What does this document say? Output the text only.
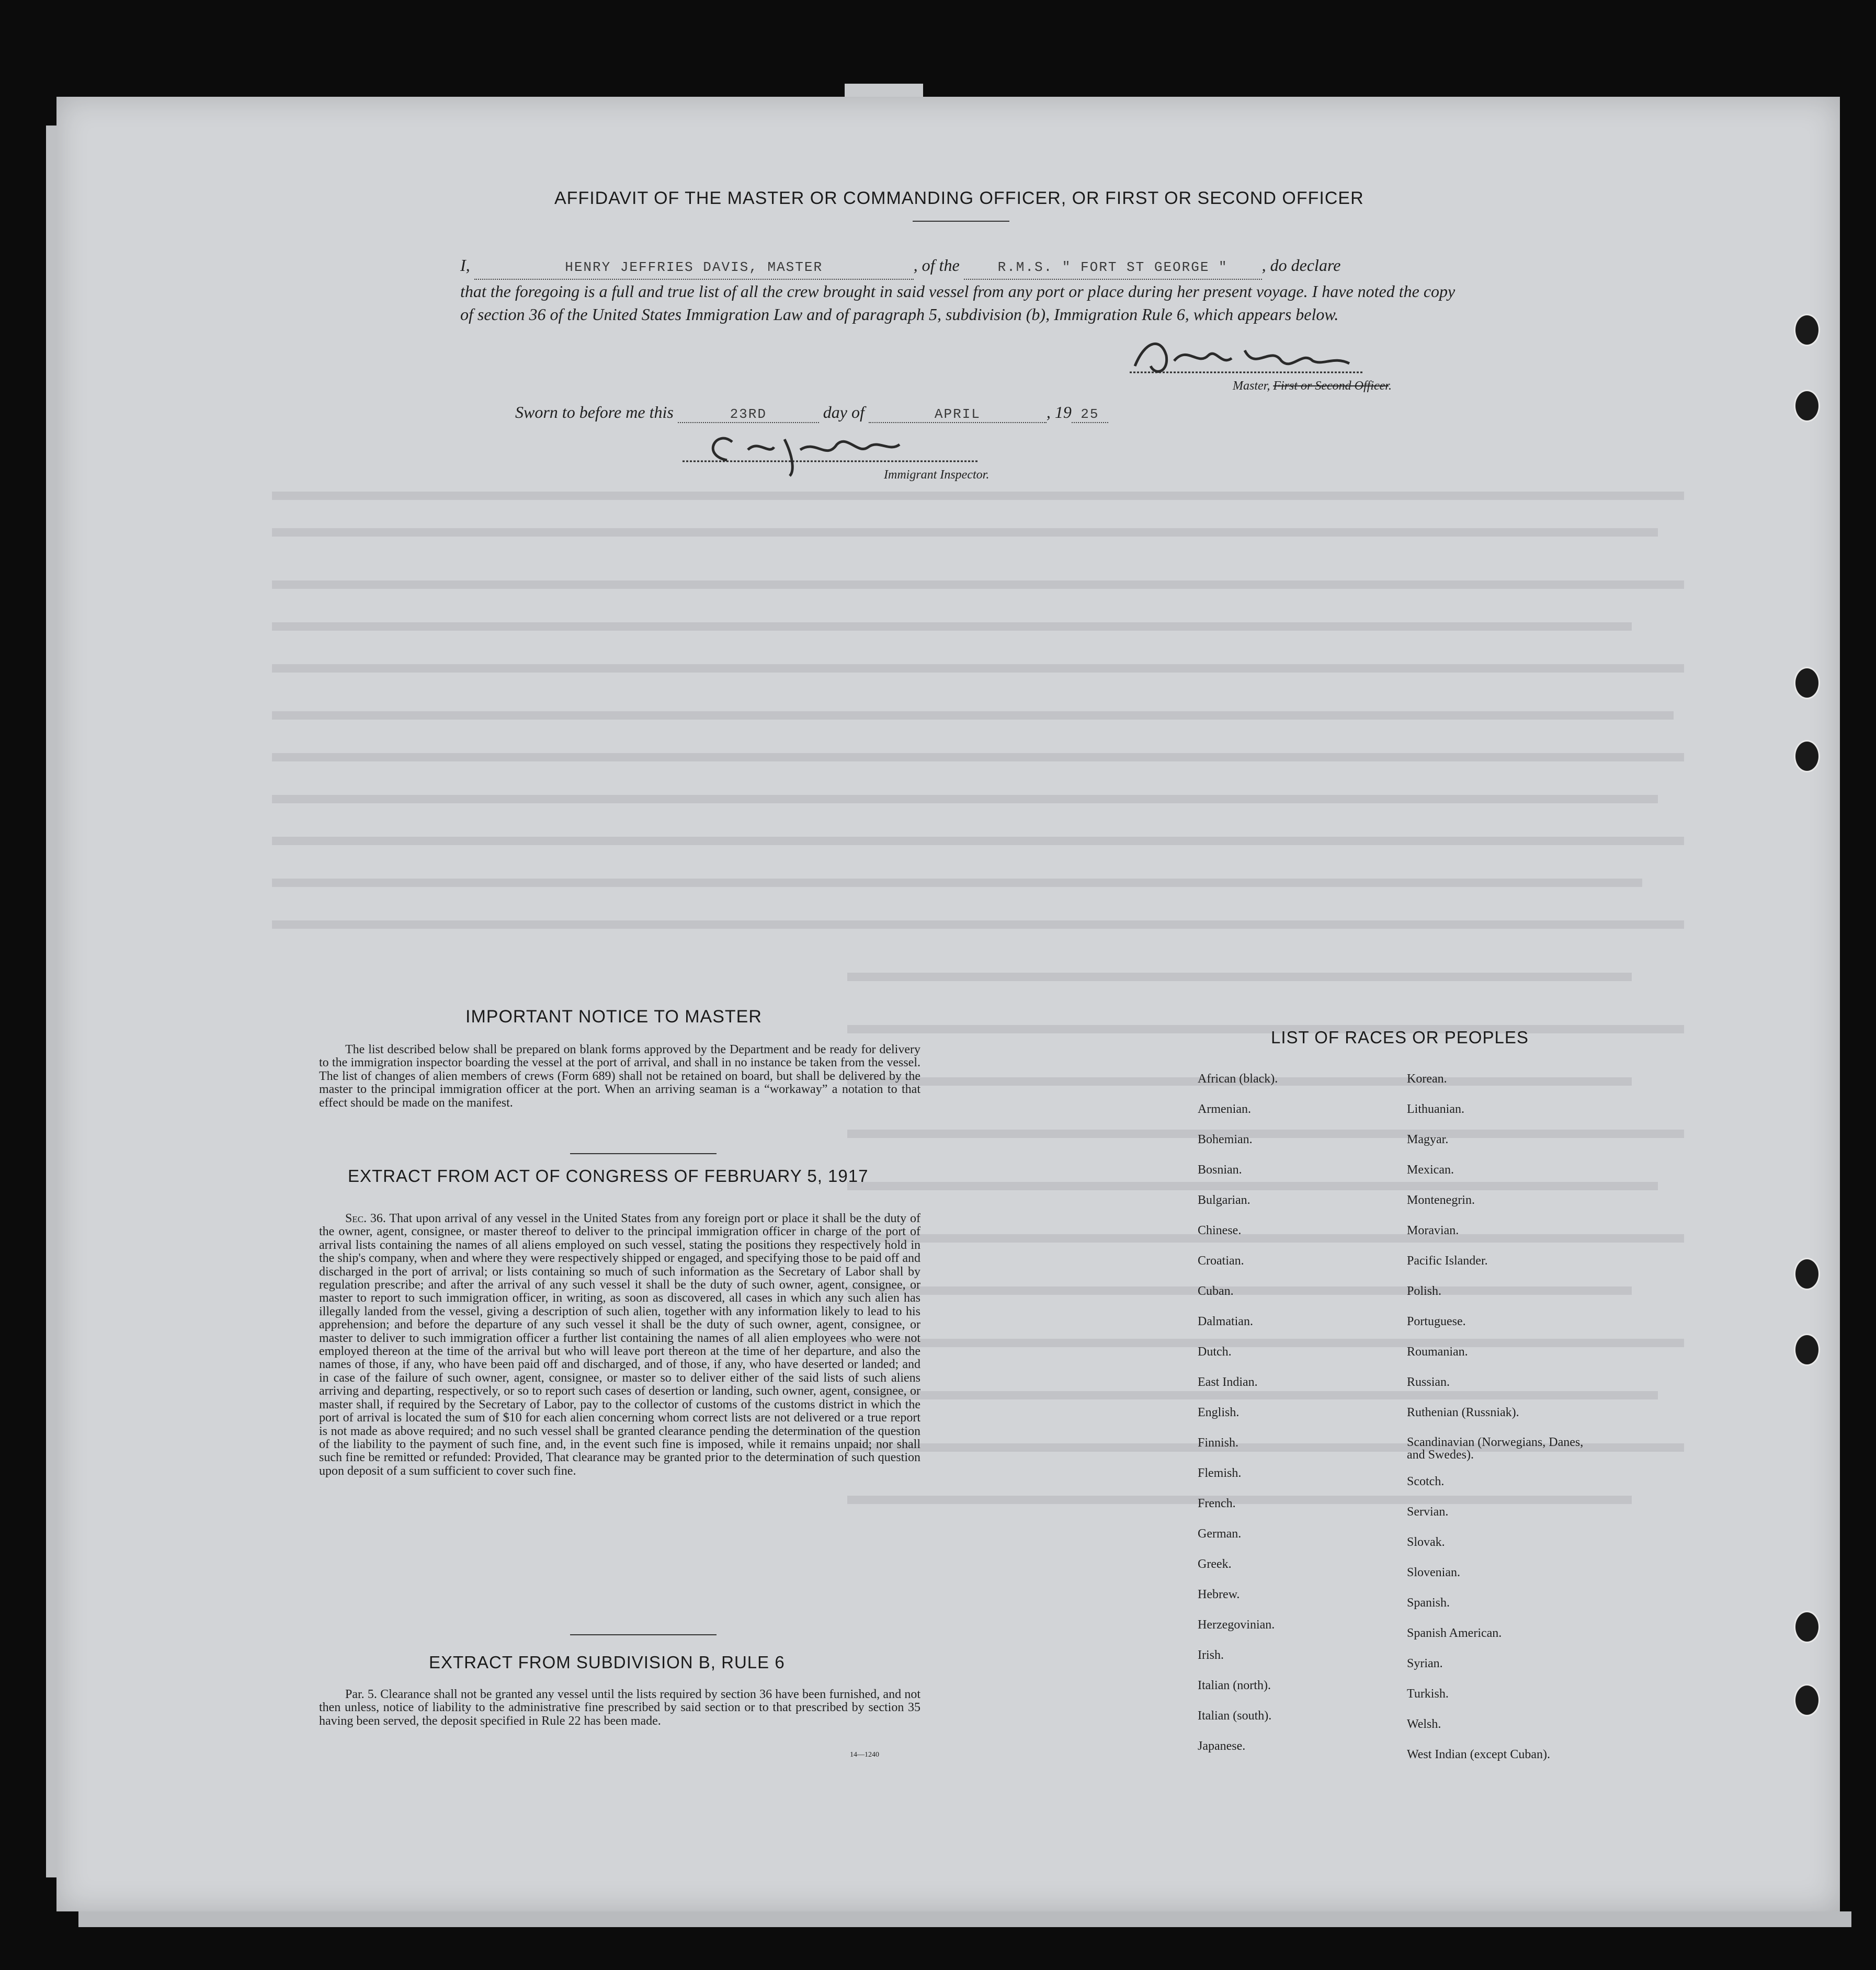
AFFIDAVIT OF THE MASTER OR COMMANDING OFFICER, OR FIRST OR SECOND OFFICER
I,	HENRY JEFFRIES DAVIS, MASTER	, of the	R.M.S. " FORT ST GEORGE " , do declare
that the foregoing is a full and true list of all the crew brought in said vessel from any port or place during her present voyage. I have noted the copy of section 36 of the United States Immigration Law and of paragraph 5, subdivision (b), Immigration Rule 6, which appears below.
Master, First or Second Officer.
Sworn to before me this	23RD	day of	APRIL	, 19 25
Immigrant Inspector.
IMPORTANT NOTICE TO MASTER
The list described below shall be prepared on blank forms approved by the Department and be ready for delivery to the immigration inspector boarding the vessel at the port of arrival, and shall in no instance be taken from the vessel. The list of changes of alien members of crews (Form 689) shall not be retained on board, but shall be delivered by the master to the principal immigration officer at the port. When an arriving seaman is a “workaway” a notation to that effect should be made on the manifest.
EXTRACT FROM ACT OF CONGRESS OF FEBRUARY 5, 1917
Sec. 36. That upon arrival of any vessel in the United States from any foreign port or place it shall be the duty of the owner, agent, consignee, or master thereof to deliver to the principal immigration officer in charge of the port of arrival lists containing the names of all aliens employed on such vessel, stating the positions they respectively hold in the ship's company, when and where they were respectively shipped or engaged, and specifying those to be paid off and discharged in the port of arrival; or lists containing so much of such information as the Secretary of Labor shall by regulation prescribe; and after the arrival of any such vessel it shall be the duty of such owner, agent, consignee, or master to report to such immigration officer, in writing, as soon as discovered, all cases in which any such alien has illegally landed from the vessel, giving a description of such alien, together with any information likely to lead to his apprehension; and before the departure of any such vessel it shall be the duty of such owner, agent, consignee, or master to deliver to such immigration officer a further list containing the names of all alien employees who were not employed thereon at the time of the arrival but who will leave port thereon at the time of her departure, and also the names of those, if any, who have been paid off and discharged, and of those, if any, who have deserted or landed; and in case of the failure of such owner, agent, consignee, or master so to deliver either of the said lists of such aliens arriving and departing, respectively, or so to report such cases of desertion or landing, such owner, agent, consignee, or master shall, if required by the Secretary of Labor, pay to the collector of customs of the customs district in which the port of arrival is located the sum of $10 for each alien concerning whom correct lists are not delivered or a true report is not made as above required; and no such vessel shall be granted clearance pending the determination of the question of the liability to the payment of such fine, and, in the event such fine is imposed, while it remains unpaid; nor shall such fine be remitted or refunded: Provided, That clearance may be granted prior to the determination of such question upon deposit of a sum sufficient to cover such fine.
EXTRACT FROM SUBDIVISION B, RULE 6
Par. 5. Clearance shall not be granted any vessel until the lists required by section 36 have been furnished, and not then unless, notice of liability to the administrative fine prescribed by said section or to that prescribed by section 35 having been served, the deposit specified in Rule 22 has been made.
14—1240
LIST OF RACES OR PEOPLES
African (black).
Armenian.
Bohemian.
Bosnian.
Bulgarian.
Chinese.
Croatian.
Cuban.
Dalmatian.
Dutch.
East Indian.
English.
Finnish.
Flemish.
French.
German.
Greek.
Hebrew.
Herzegovinian.
Irish.
Italian (north).
Italian (south).
Japanese.
Korean.
Lithuanian.
Magyar.
Mexican.
Montenegrin.
Moravian.
Pacific Islander.
Polish.
Portuguese.
Roumanian.
Russian.
Ruthenian (Russniak).
Scandinavian (Norwegians, Danes, and Swedes).
Scotch.
Servian.
Slovak.
Slovenian.
Spanish.
Spanish American.
Syrian.
Turkish.
Welsh.
West Indian (except Cuban).
